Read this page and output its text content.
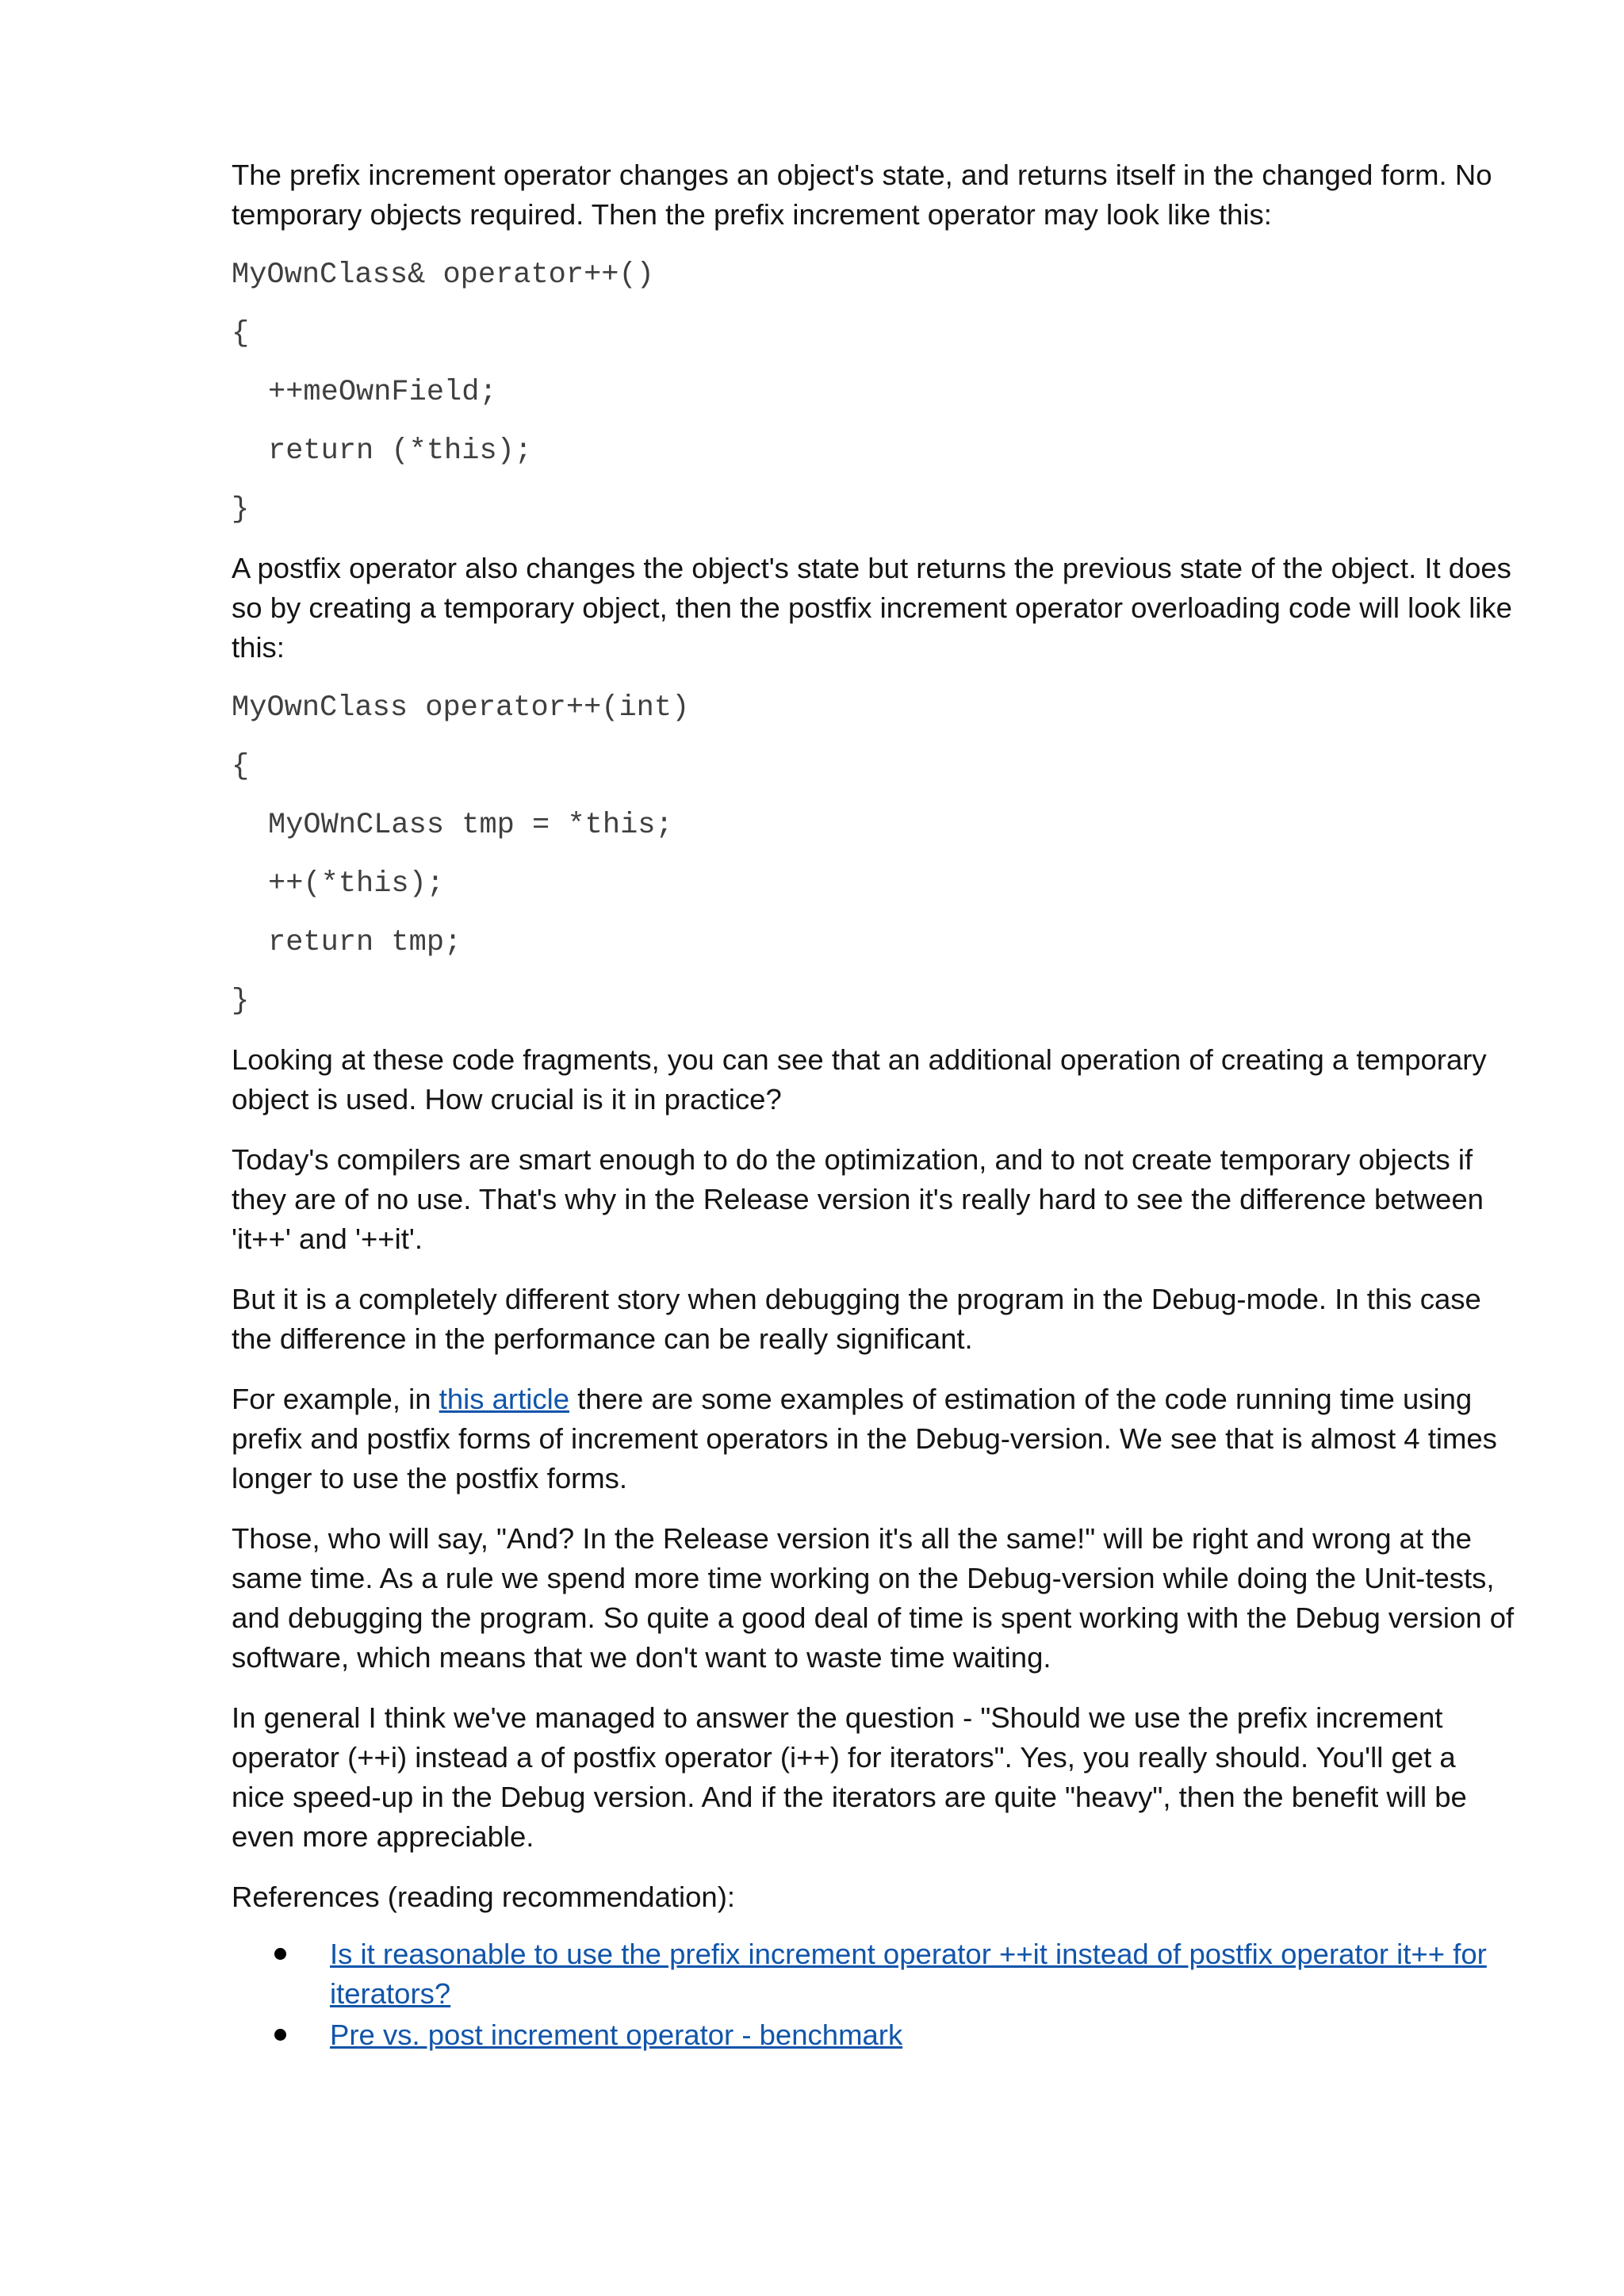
The prefix increment operator changes an object's state, and returns itself in the changed form. No temporary objects required. Then the prefix increment operator may look like this:

MyOwnClass& operator++()
{
++meOwnField;
return (*this);
}

A postfix operator also changes the object's state but returns the previous state of the object. It does so by creating a temporary object, then the postfix increment operator overloading code will look like this:

MyOwnClass operator++(int)
{
MyOWnCLass tmp = *this;
++(*this);
return tmp;
}

Looking at these code fragments, you can see that an additional operation of creating a temporary object is used. How crucial is it in practice?

Today's compilers are smart enough to do the optimization, and to not create temporary objects if they are of no use. That's why in the Release version it's really hard to see the difference between 'it++' and '++it'.

But it is a completely different story when debugging the program in the Debug-mode. In this case the difference in the performance can be really significant.

For example, in this article there are some examples of estimation of the code running time using prefix and postfix forms of increment operators in the Debug-version. We see that is almost 4 times longer to use the postfix forms.

Those, who will say, "And? In the Release version it's all the same!" will be right and wrong at the same time. As a rule we spend more time working on the Debug-version while doing the Unit-tests, and debugging the program. So quite a good deal of time is spent working with the Debug version of software, which means that we don't want to waste time waiting.

In general I think we've managed to answer the question - "Should we use the prefix increment operator (++i) instead a of postfix operator (i++) for iterators". Yes, you really should. You'll get a nice speed-up in the Debug version. And if the iterators are quite "heavy", then the benefit will be even more appreciable.

References (reading recommendation):

Is it reasonable to use the prefix increment operator ++it instead of postfix operator it++ for iterators?
Pre vs. post increment operator - benchmark
